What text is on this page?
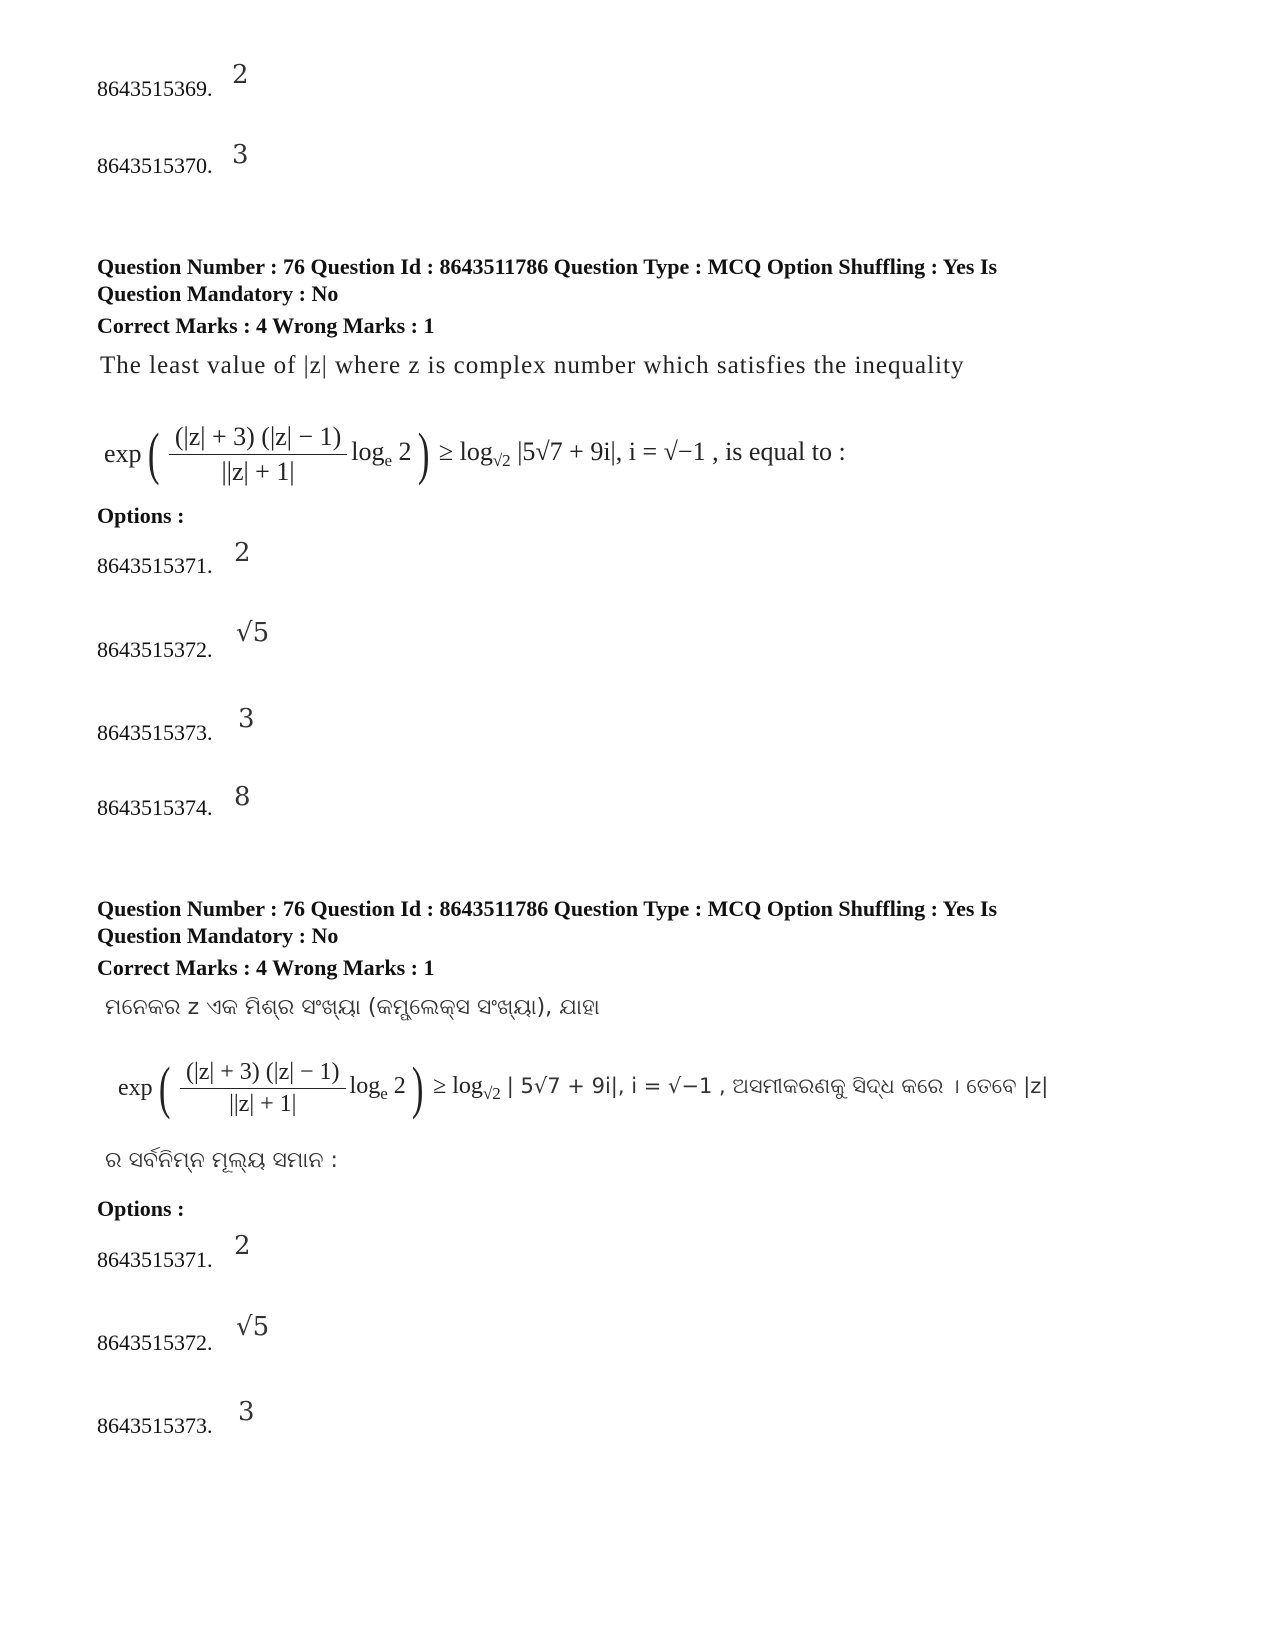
8643515369. 2
8643515370. 3
Question Number : 76 Question Id : 8643511786 Question Type : MCQ Option Shuffling : Yes Is
Question Mandatory : No
Correct Marks : 4 Wrong Marks : 1
The least value of |z| where z is complex number which satisfies the inequality
exp ( $\frac{(|z| + 3) (|z| - 1)}{||z| + 1|} \log_e 2$ ) ≥ $\log_{√2} |5√7 + 9i|$, i = √−1 , is equal to :
Options :
8643515371. 2
8643515372.
√5
8643515373. 3
8643515374. 8
Question Number : 76 Question Id : 8643511786 Question Type : MCQ Option Shuffling : Yes Is
Question Mandatory : No
Correct Marks : 4 Wrong Marks : 1
ମନେକର z ଏକ ମିଶ୍ର ସଂଖ୍ୟା (କମ୍ପ୍ଲେକ୍ସ ସଂଖ୍ୟା), ଯାହା
exp ( $\frac{(|z| + 3) (|z| - 1)}{||z| + 1|} \log_e 2$ ) ≥ $\log_{√2}$ | 5√7 + 9i|, i = √−1 , ଅସମୀକରଣକୁ ସିଦ୍ଧ କରେ । ତେବେ |z|
ର ସର୍ବନିମ୍ନ ମୂଲ୍ୟ ସମାନ :
Options :
8643515371. 2
8643515372.
√5
8643515373. 3
